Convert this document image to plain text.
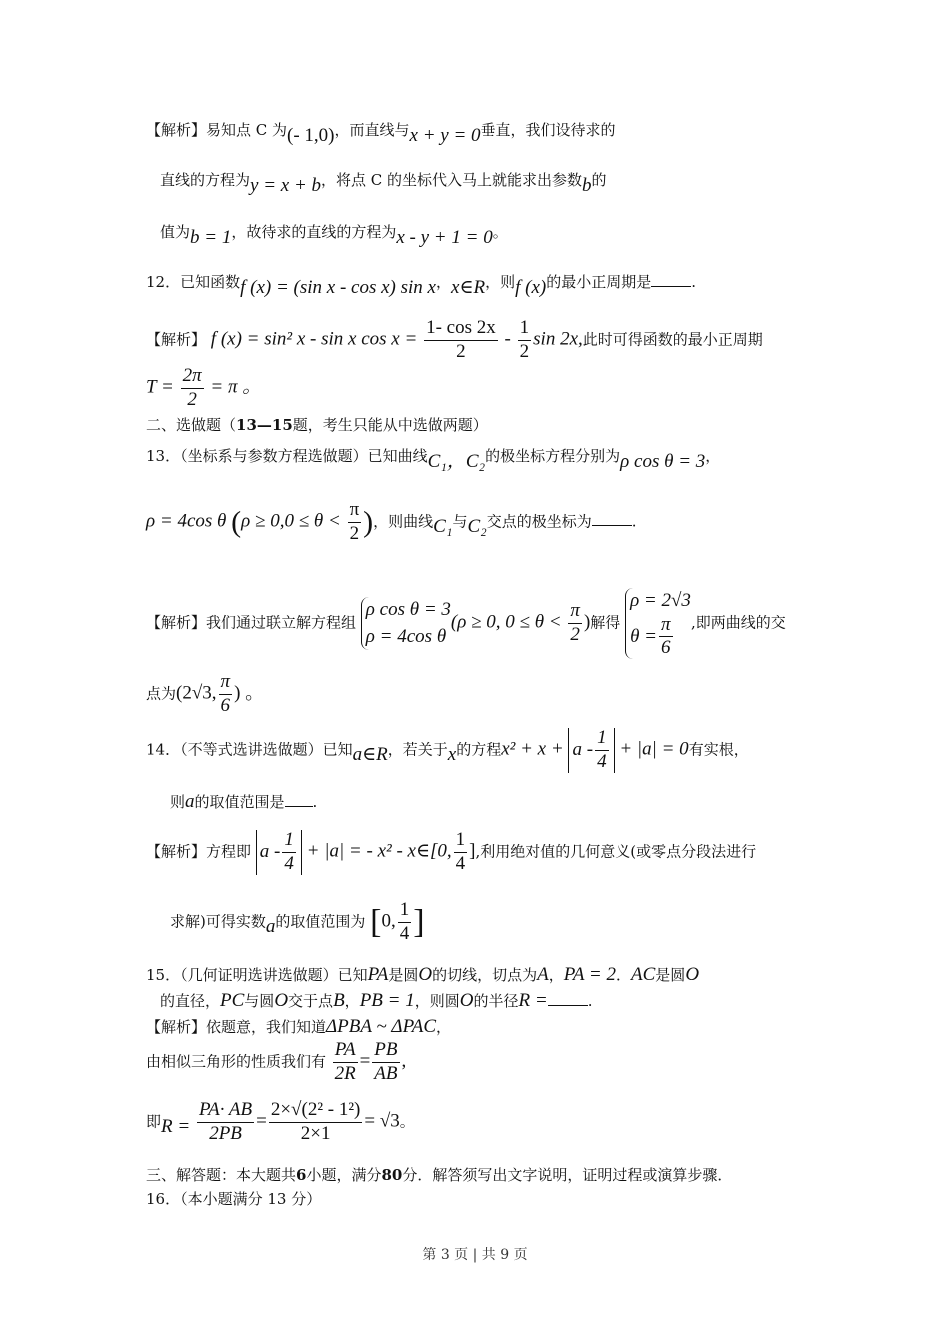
【解析】易知点 C 为(- 1,0)，而直线与x + y = 0垂直，我们设待求的
直线的方程为y = x + b，将点 C 的坐标代入马上就能求出参数b的
值为b = 1，故待求的直线的方程为x - y + 1 = 0。
12．已知函数f (x) = (sin x - cos x) sin x，x∈R，则f (x)的最小正周期是	.
【解析】 f (x) = sin² x - sin x $\cos x = \frac{1- \cos 2x}{2} - \frac{1}{2}$ sin 2x,此时可得函数的最小正周期
$T = \frac{2\pi}{2} = \pi$ 。
二、选做题（13—15题，考生只能从中选做两题）
13．（坐标系与参数方程选做题）已知曲线C₁，C₂的极坐标方程分别为ρ cos θ = 3，
ρ = 4cos θ ($\rho \ge 0,0 \le \theta < \frac{\pi}{2}$ )，则曲线C₁与C₂交点的极坐标为	.
【解析】我们通过联立解方程组
ρ cos θ = 3
ρ = 4cos θ
(ρ ≥ 0, $0 \le \theta < \frac{\pi}{2}$ )解得
ρ = 2√3
$\theta = \frac{\pi}{6}$ ,即两曲线的交
点为(2√3, $\frac{\pi}{6}$ ) 。
14．（不等式选讲选做题）已知a∈R，若关于x的方程$x^2 + x + a - \frac{1}{4} + |a| = 0$有实根，
则a的取值范围是 .
【解析】方程即 $a - \frac{1}{4} + |a|$ = - x² - x∈[0, $\frac{1}{4}$ ],利用绝对值的几何意义(或零点分段法进行
求解)可得实数a的取值范围为 [0, $\frac{1}{4}$ ]
15．（几何证明选讲选做题）已知PA是圆O的切线，切点为A，PA = 2．AC是圆O
的直径，PC与圆O交于点B，PB = 1，则圆O的半径R =	.
【解析】依题意，我们知道ΔPBA ~ ΔPAC，
由相似三角形的性质我们有 $\frac{PA}{2R} = \frac{PB}{AB}$ ,
即$R = \frac{PA\cdot AB}{2PB} = \frac{\text{2×√(2² - 1²)}}{2\times 1} = √3$。
三、解答题：本大题共6小题，满分80分．解答须写出文字说明，证明过程或演算步骤．
16．（本小题满分 13 分）
第 3 页 | 共 9 页
